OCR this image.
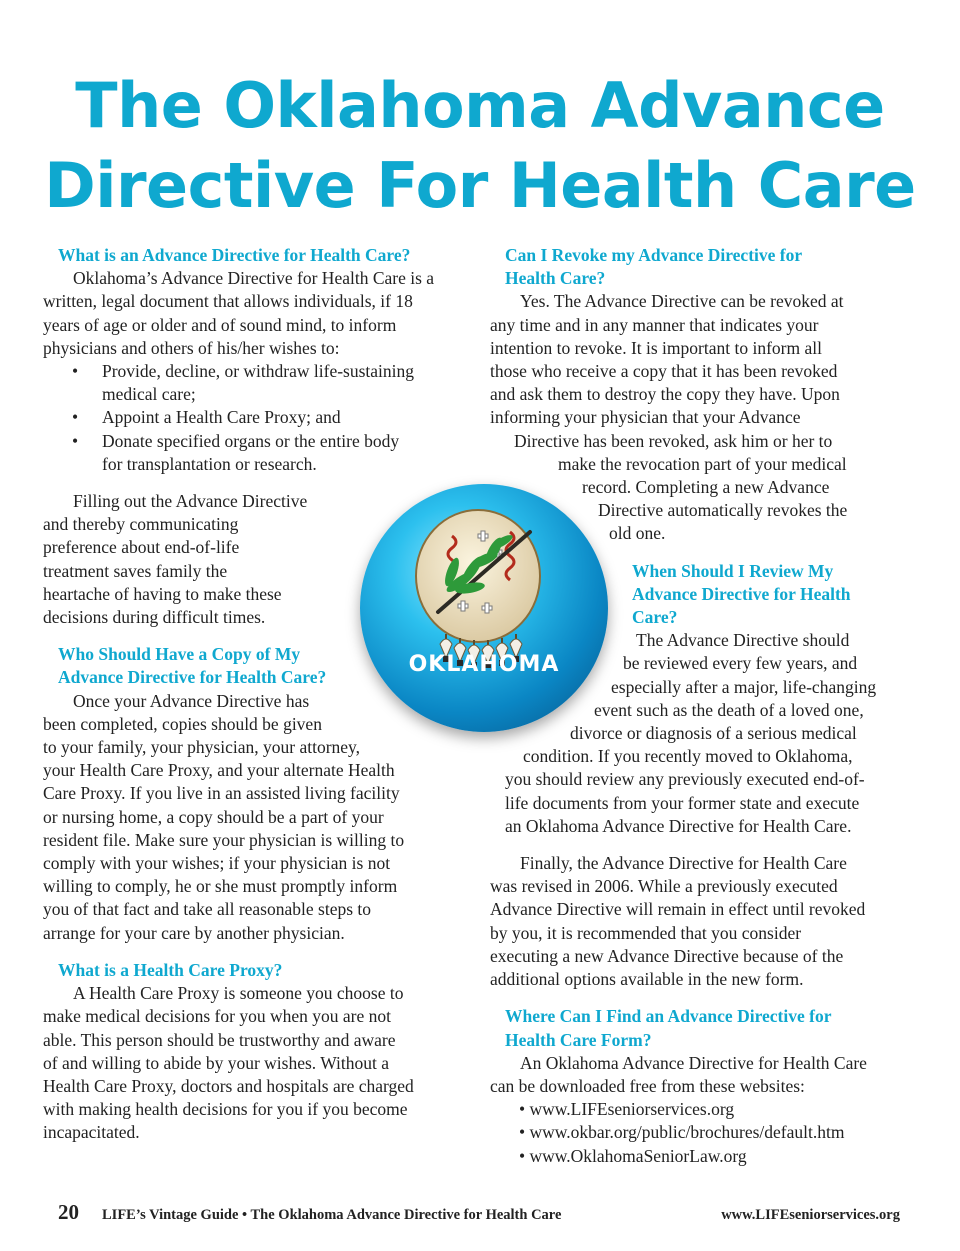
The Oklahoma Advance
Directive For Health Care
What is an Advance Directive for Health Care?

Oklahoma’s Advance Directive for Health Care is a
written, legal document that allows individuals, if 18
years of age or older and of sound mind, to inform
physicians and others of his/her wishes to:

• Provide, decline, or withdraw life-sustaining
medical care;
• Appoint a Health Care Proxy; and
• Donate specified organs or the entire body
for transplantation or research.

Filling out the Advance Directive
and thereby communicating
preference about end-of-life
treatment saves family the
heartache of having to make these
decisions during difficult times.

Who Should Have a Copy of My
Advance Directive for Health Care?

Once your Advance Directive has
been completed, copies should be given
to your family, your physician, your attorney,
your Health Care Proxy, and your alternate Health
Care Proxy. If you live in an assisted living facility
or nursing home, a copy should be a part of your
resident file. Make sure your physician is willing to
comply with your wishes; if your physician is not
willing to comply, he or she must promptly inform
you of that fact and take all reasonable steps to
arrange for your care by another physician.

What is a Health Care Proxy?

A Health Care Proxy is someone you choose to
make medical decisions for you when you are not
able. This person should be trustworthy and aware
of and willing to abide by your wishes. Without a
Health Care Proxy, doctors and hospitals are charged
with making health decisions for you if you become
incapacitated.

Can I Revoke my Advance Directive for
Health Care?

Yes. The Advance Directive can be revoked at
any time and in any manner that indicates your
intention to revoke. It is important to inform all
those who receive a copy that it has been revoked
and ask them to destroy the copy they have. Upon
informing your physician that your Advance
Directive has been revoked, ask him or her to
make the revocation part of your medical
record. Completing a new Advance
Directive automatically revokes the
old one.

When Should I Review My
Advance Directive for Health
Care?

The Advance Directive should
be reviewed every few years, and
especially after a major, life-changing
event such as the death of a loved one,
divorce or diagnosis of a serious medical
condition. If you recently moved to Oklahoma,
you should review any previously executed end-of-
life documents from your former state and execute
an Oklahoma Advance Directive for Health Care.

Finally, the Advance Directive for Health Care
was revised in 2006. While a previously executed
Advance Directive will remain in effect until revoked
by you, it is recommended that you consider
executing a new Advance Directive because of the
additional options available in the new form.

Where Can I Find an Advance Directive for
Health Care Form?

An Oklahoma Advance Directive for Health Care
can be downloaded free from these websites:

• www.LIFEseniorservices.org
• www.okbar.org/public/brochures/default.htm
• www.OklahomaSeniorLaw.org
OKLAHOMA
20 LIFE’s Vintage Guide • The Oklahoma Advance Directive for Health Care	www.LIFEseniorservices.org
